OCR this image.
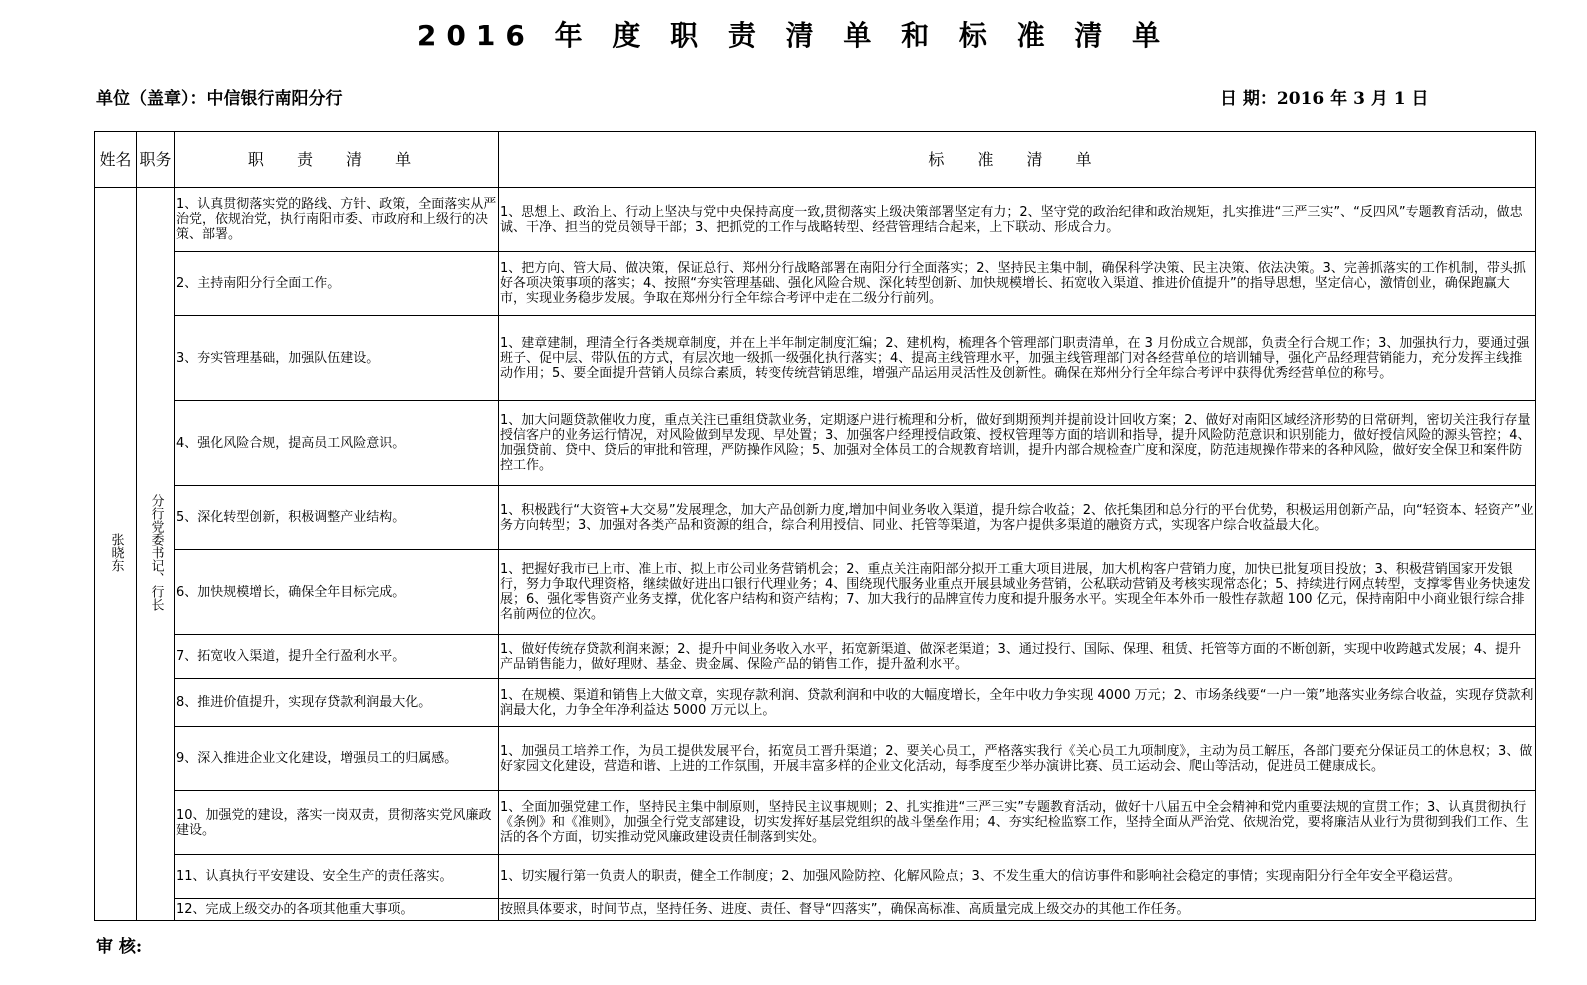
2016 年 度 职 责 清 单 和 标 准 清 单
单位（盖章）：中信银行南阳分行	日 期：2016 年 3 月 1 日
姓名	职务	职 责 清 单	标 准 清 单
张晓东	分行党委书记、行长	1、认真贯彻落实党的路线、方针、政策，全面落实从严治党，依规治党，执行南阳市委、市政府和上级行的决策、部署。	1、思想上、政治上、行动上坚决与党中央保持高度一致,贯彻落实上级决策部署坚定有力；2、坚守党的政治纪律和政治规矩，扎实推进“三严三实”、“反四风”专题教育活动，做忠诚、干净、担当的党员领导干部；3、把抓党的工作与战略转型、经营管理结合起来，上下联动、形成合力。
		2、主持南阳分行全面工作。	1、把方向、管大局、做决策，保证总行、郑州分行战略部署在南阳分行全面落实；2、坚持民主集中制，确保科学决策、民主决策、依法决策。3、完善抓落实的工作机制，带头抓好各项决策事项的落实；4、按照“夯实管理基础、强化风险合规、深化转型创新、加快规模增长、拓宽收入渠道、推进价值提升”的指导思想，坚定信心，激情创业，确保跑赢大市，实现业务稳步发展。争取在郑州分行全年综合考评中走在二级分行前列。
		3、夯实管理基础，加强队伍建设。	1、建章建制，理清全行各类规章制度，并在上半年制定制度汇编；2、建机构，梳理各个管理部门职责清单，在 3 月份成立合规部，负责全行合规工作；3、加强执行力，要通过强班子、促中层、带队伍的方式，有层次地一级抓一级强化执行落实；4、提高主线管理水平，加强主线管理部门对各经营单位的培训辅导，强化产品经理营销能力，充分发挥主线推动作用；5、要全面提升营销人员综合素质，转变传统营销思维，增强产品运用灵活性及创新性。确保在郑州分行全年综合考评中获得优秀经营单位的称号。
		4、强化风险合规，提高员工风险意识。	1、加大问题贷款催收力度，重点关注已重组贷款业务，定期逐户进行梳理和分析，做好到期预判并提前设计回收方案；2、做好对南阳区域经济形势的日常研判，密切关注我行存量授信客户的业务运行情况，对风险做到早发现、早处置；3、加强客户经理授信政策、授权管理等方面的培训和指导，提升风险防范意识和识别能力，做好授信风险的源头管控；4、加强贷前、贷中、贷后的审批和管理，严防操作风险；5、加强对全体员工的合规教育培训，提升内部合规检查广度和深度，防范违规操作带来的各种风险，做好安全保卫和案件防控工作。
		5、深化转型创新，积极调整产业结构。	1、积极践行“大资管+大交易”发展理念，加大产品创新力度,增加中间业务收入渠道，提升综合收益；2、依托集团和总分行的平台优势，积极运用创新产品，向“轻资本、轻资产”业务方向转型；3、加强对各类产品和资源的组合，综合利用授信、同业、托管等渠道，为客户提供多渠道的融资方式，实现客户综合收益最大化。
		6、加快规模增长，确保全年目标完成。	1、把握好我市已上市、准上市、拟上市公司业务营销机会；2、重点关注南阳部分拟开工重大项目进展，加大机构客户营销力度，加快已批复项目投放；3、积极营销国家开发银行，努力争取代理资格，继续做好进出口银行代理业务；4、围绕现代服务业重点开展县域业务营销，公私联动营销及考核实现常态化；5、持续进行网点转型，支撑零售业务快速发展；6、强化零售资产业务支撑，优化客户结构和资产结构；7、加大我行的品牌宣传力度和提升服务水平。实现全年本外币一般性存款超 100 亿元，保持南阳中小商业银行综合排名前两位的位次。
		7、拓宽收入渠道，提升全行盈利水平。	1、做好传统存贷款利润来源；2、提升中间业务收入水平，拓宽新渠道、做深老渠道；3、通过投行、国际、保理、租赁、托管等方面的不断创新，实现中收跨越式发展；4、提升产品销售能力，做好理财、基金、贵金属、保险产品的销售工作，提升盈利水平。
		8、推进价值提升，实现存贷款利润最大化。	1、在规模、渠道和销售上大做文章，实现存款利润、贷款利润和中收的大幅度增长，全年中收力争实现 4000 万元；2、市场条线要“一户一策”地落实业务综合收益，实现存贷款利润最大化，力争全年净利益达 5000 万元以上。
		9、深入推进企业文化建设，增强员工的归属感。	1、加强员工培养工作，为员工提供发展平台，拓宽员工晋升渠道；2、要关心员工，严格落实我行《关心员工九项制度》，主动为员工解压，各部门要充分保证员工的休息权；3、做好家园文化建设，营造和谐、上进的工作氛围，开展丰富多样的企业文化活动，每季度至少举办演讲比赛、员工运动会、爬山等活动，促进员工健康成长。
		10、加强党的建设，落实一岗双责，贯彻落实党风廉政建设。	1、全面加强党建工作，坚持民主集中制原则，坚持民主议事规则；2、扎实推进“三严三实”专题教育活动，做好十八届五中全会精神和党内重要法规的宣贯工作；3、认真贯彻执行《条例》和《准则》，加强全行党支部建设，切实发挥好基层党组织的战斗堡垒作用；4、夯实纪检监察工作，坚持全面从严治党、依规治党，要将廉洁从业行为贯彻到我们工作、生活的各个方面，切实推动党风廉政建设责任制落到实处。
		11、认真执行平安建设、安全生产的责任落实。	1、切实履行第一负责人的职责，健全工作制度；2、加强风险防控、化解风险点；3、不发生重大的信访事件和影响社会稳定的事情；实现南阳分行全年安全平稳运营。
		12、完成上级交办的各项其他重大事项。	按照具体要求，时间节点，坚持任务、进度、责任、督导“四落实”，确保高标准、高质量完成上级交办的其他工作任务。
审 核:
